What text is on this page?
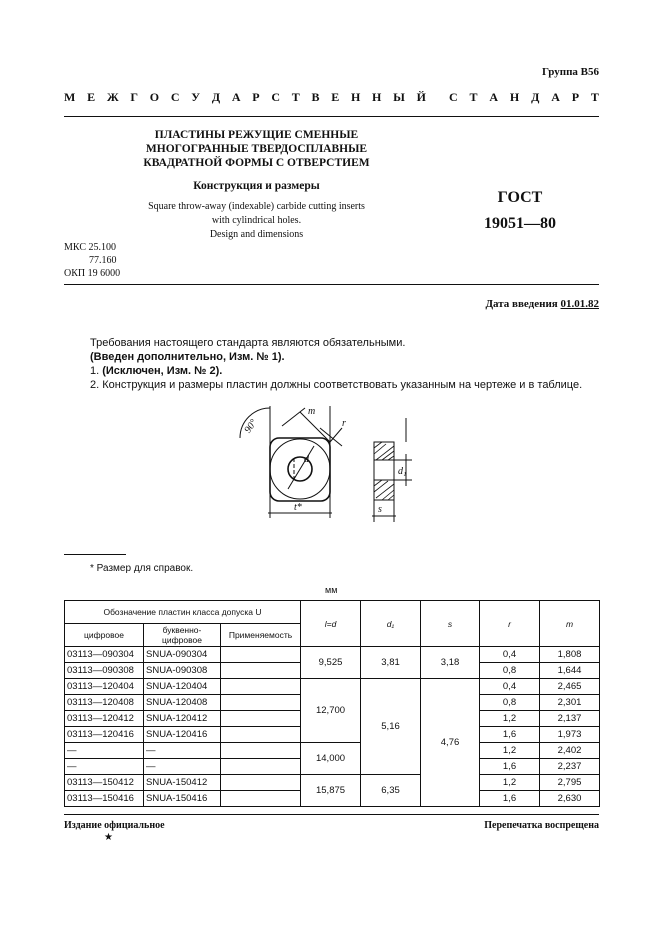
Группа В56
М Е Ж Г О С У Д А Р С Т В Е Н Н Ы Й С Т А Н Д А Р Т
ПЛАСТИНЫ РЕЖУЩИЕ СМЕННЫЕ
МНОГОГРАННЫЕ ТВЕРДОСПЛАВНЫЕ
КВАДРАТНОЙ ФОРМЫ С ОТВЕРСТИЕМ
Конструкция и размеры
Square throw-away (indexable) carbide cutting inserts
with cylindrical holes.
Design and dimensions
ГОСТ
19051—80
МКС 25.100
77.160
ОКП 19 6000
Дата введения 01.01.82
Требования настоящего стандарта являются обязательными.
(Введен дополнительно, Изм. № 1).
1. (Исключен, Изм. № 2).
2. Конструкция и размеры пластин должны соответствовать указанным на чертеже и в таблице.
90°
m
r
d
t*
d₁
s
* Размер для справок.
мм
Обозначение пластин класса допуска U			l=d	d₁	s	r	m
цифровое	буквенно-цифровое	Применяемость					
03113—090304	SNUA-090304		9,525	3,81	3,18	0,4	1,808
03113—090308	SNUA-090308					0,8	1,644
03113—120404	SNUA-120404		12,700	5,16	4,76	0,4	2,465
03113—120408	SNUA-120408					0,8	2,301
03113—120412	SNUA-120412					1,2	2,137
03113—120416	SNUA-120416					1,6	1,973
—	—		14,000			1,2	2,402
—	—					1,6	2,237
03113—150412	SNUA-150412		15,875	6,35		1,2	2,795
03113—150416	SNUA-150416					1,6	2,630
Издание официальное	Перепечатка воспрещена
★
